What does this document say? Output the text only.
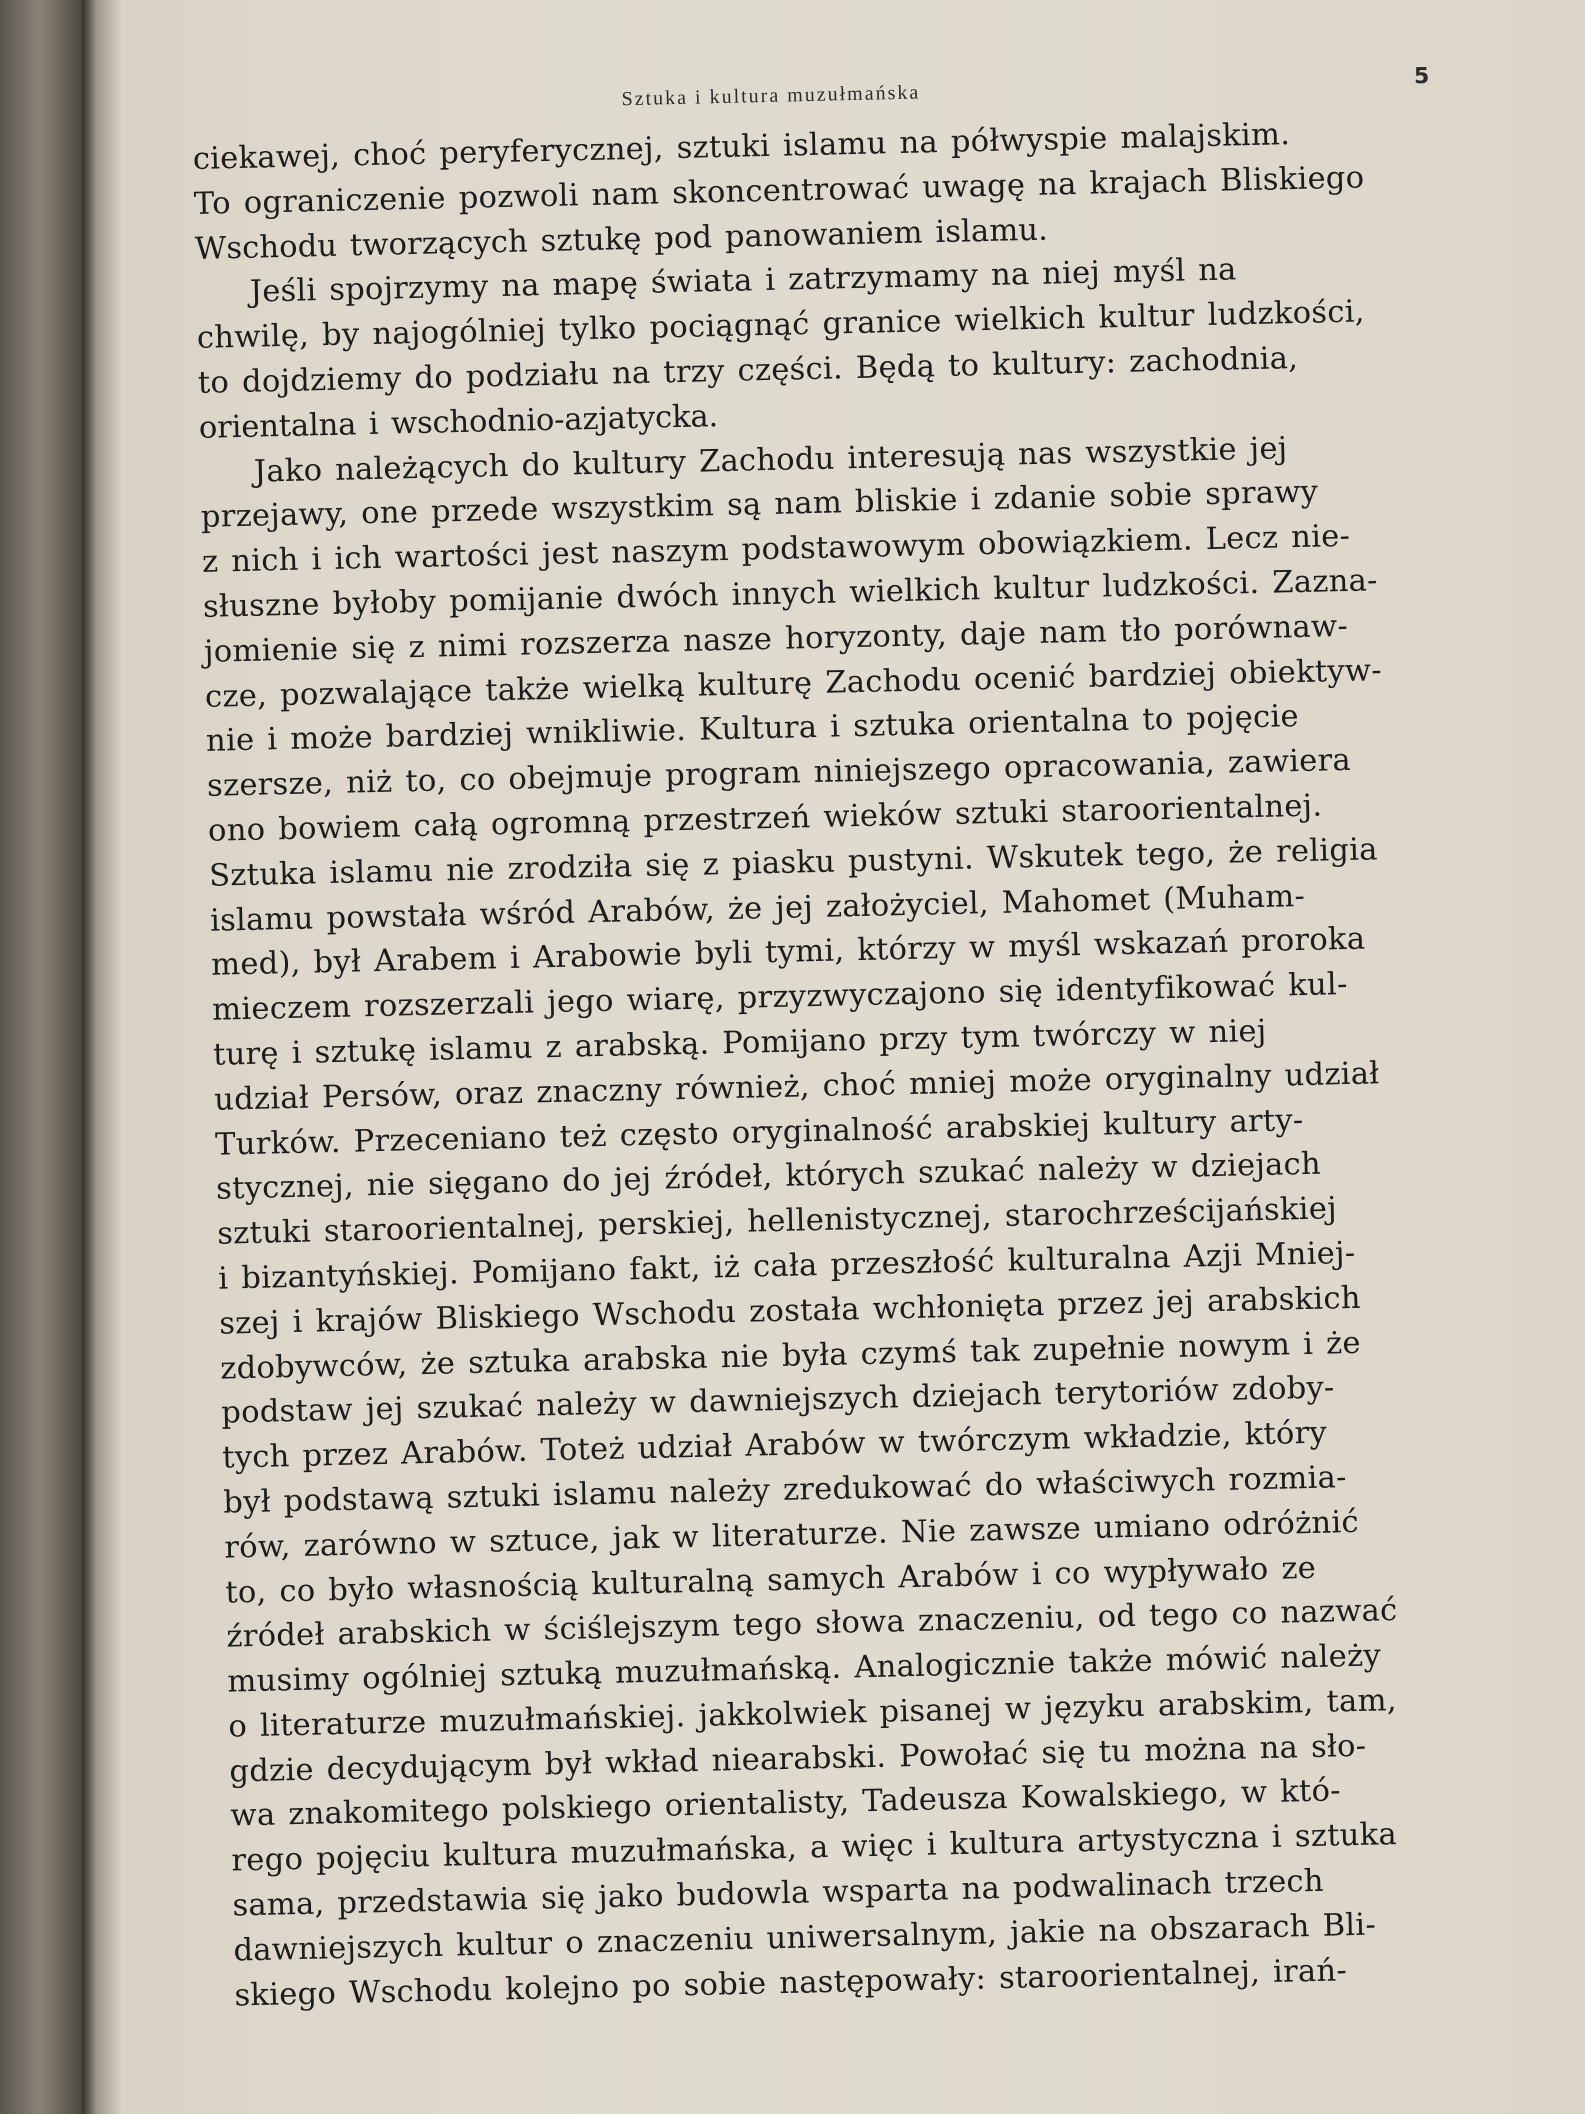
Sztuka i kultura muzułmańska
5
ciekawej, choć peryferycznej, sztuki islamu na półwyspie malajskim.
To ograniczenie pozwoli nam skoncentrować uwagę na krajach Bliskiego
Wschodu tworzących sztukę pod panowaniem islamu.
Jeśli spojrzymy na mapę świata i zatrzymamy na niej myśl na
chwilę, by najogólniej tylko pociągnąć granice wielkich kultur ludzkości,
to dojdziemy do podziału na trzy części. Będą to kultury: zachodnia,
orientalna i wschodnio-azjatycka.
Jako należących do kultury Zachodu interesują nas wszystkie jej
przejawy, one przede wszystkim są nam bliskie i zdanie sobie sprawy
z nich i ich wartości jest naszym podstawowym obowiązkiem. Lecz nie-
słuszne byłoby pomijanie dwóch innych wielkich kultur ludzkości. Zazna-
jomienie się z nimi rozszerza nasze horyzonty, daje nam tło porównaw-
cze, pozwalające także wielką kulturę Zachodu ocenić bardziej obiektyw-
nie i może bardziej wnikliwie. Kultura i sztuka orientalna to pojęcie
szersze, niż to, co obejmuje program niniejszego opracowania, zawiera
ono bowiem całą ogromną przestrzeń wieków sztuki staroorientalnej.
Sztuka islamu nie zrodziła się z piasku pustyni. Wskutek tego, że religia
islamu powstała wśród Arabów, że jej założyciel, Mahomet (Muham-
med), był Arabem i Arabowie byli tymi, którzy w myśl wskazań proroka
mieczem rozszerzali jego wiarę, przyzwyczajono się identyfikować kul-
turę i sztukę islamu z arabską. Pomijano przy tym twórczy w niej
udział Persów, oraz znaczny również, choć mniej może oryginalny udział
Turków. Przeceniano też często oryginalność arabskiej kultury arty-
stycznej, nie sięgano do jej źródeł, których szukać należy w dziejach
sztuki staroorientalnej, perskiej, hellenistycznej, starochrześcijańskiej
i bizantyńskiej. Pomijano fakt, iż cała przeszłość kulturalna Azji Mniej-
szej i krajów Bliskiego Wschodu została wchłonięta przez jej arabskich
zdobywców, że sztuka arabska nie była czymś tak zupełnie nowym i że
podstaw jej szukać należy w dawniejszych dziejach terytoriów zdoby-
tych przez Arabów. Toteż udział Arabów w twórczym wkładzie, który
był podstawą sztuki islamu należy zredukować do właściwych rozmia-
rów, zarówno w sztuce, jak w literaturze. Nie zawsze umiano odróżnić
to, co było własnością kulturalną samych Arabów i co wypływało ze
źródeł arabskich w ściślejszym tego słowa znaczeniu, od tego co nazwać
musimy ogólniej sztuką muzułmańską. Analogicznie także mówić należy
o literaturze muzułmańskiej. jakkolwiek pisanej w języku arabskim, tam,
gdzie decydującym był wkład niearabski. Powołać się tu można na sło-
wa znakomitego polskiego orientalisty, Tadeusza Kowalskiego, w któ-
rego pojęciu kultura muzułmańska, a więc i kultura artystyczna i sztuka
sama, przedstawia się jako budowla wsparta na podwalinach trzech
dawniejszych kultur o znaczeniu uniwersalnym, jakie na obszarach Bli-
skiego Wschodu kolejno po sobie następowały: staroorientalnej, irań-
